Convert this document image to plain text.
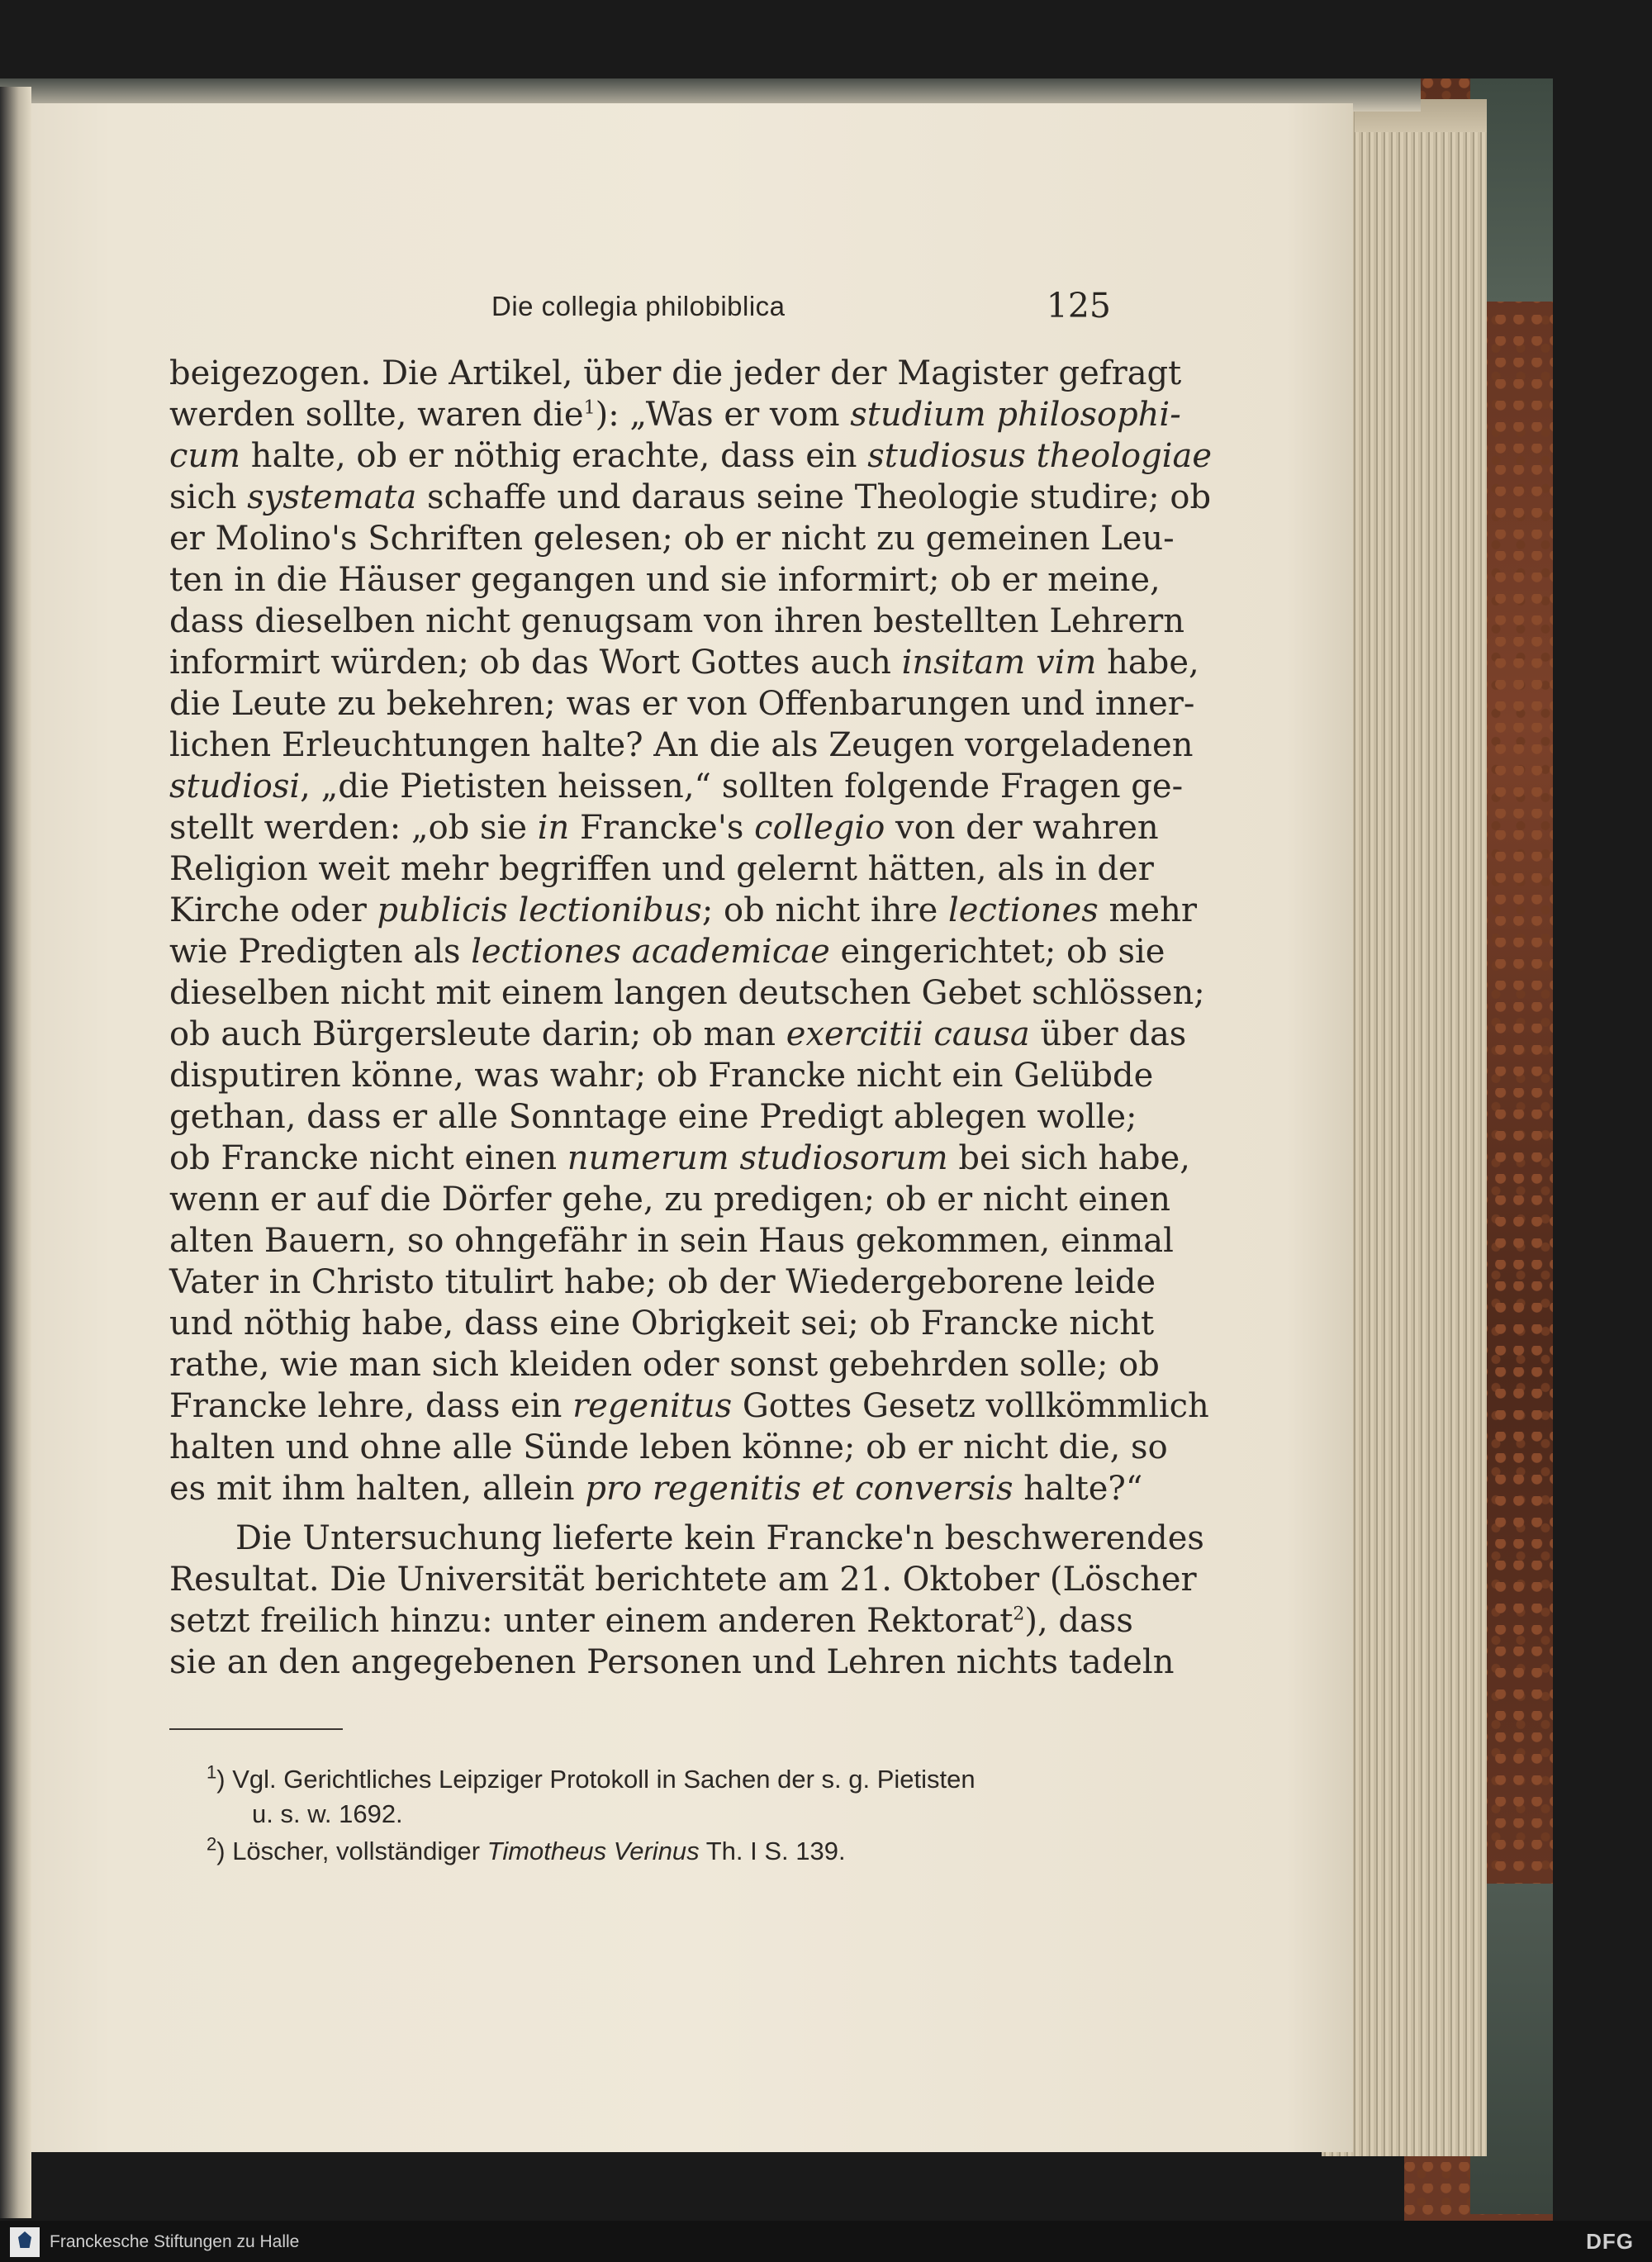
Die collegia philobiblica	125
beigezogen. Die Artikel, über die jeder der Magister gefragt
werden sollte, waren die$^1$): „Was er vom studium philosophi-
cum halte, ob er nöthig erachte, dass ein studiosus theologiae
sich systemata schaffe und daraus seine Theologie studire; ob
er Molino's Schriften gelesen; ob er nicht zu gemeinen Leu-
ten in die Häuser gegangen und sie informirt; ob er meine,
dass dieselben nicht genugsam von ihren bestellten Lehrern
informirt würden; ob das Wort Gottes auch insitam vim habe,
die Leute zu bekehren; was er von Offenbarungen und inner-
lichen Erleuchtungen halte? An die als Zeugen vorgeladenen
studiosi, „die Pietisten heissen,“ sollten folgende Fragen ge-
stellt werden: „ob sie in Francke's collegio von der wahren
Religion weit mehr begriffen und gelernt hätten, als in der
Kirche oder publicis lectionibus; ob nicht ihre lectiones mehr
wie Predigten als lectiones academicae eingerichtet; ob sie
dieselben nicht mit einem langen deutschen Gebet schlössen;
ob auch Bürgersleute darin; ob man exercitii causa über das
disputiren könne, was wahr; ob Francke nicht ein Gelübde
gethan, dass er alle Sonntage eine Predigt ablegen wolle;
ob Francke nicht einen numerum studiosorum bei sich habe,
wenn er auf die Dörfer gehe, zu predigen; ob er nicht einen
alten Bauern, so ohngefähr in sein Haus gekommen, einmal
Vater in Christo titulirt habe; ob der Wiedergeborene leide
und nöthig habe, dass eine Obrigkeit sei; ob Francke nicht
rathe, wie man sich kleiden oder sonst gebehrden solle; ob
Francke lehre, dass ein regenitus Gottes Gesetz vollkömmlich
halten und ohne alle Sünde leben könne; ob er nicht die, so
es mit ihm halten, allein pro regenitis et conversis halte?“
Die Untersuchung lieferte kein Francke'n beschwerendes
Resultat. Die Universität berichtete am 21. Oktober (Löscher
setzt freilich hinzu: unter einem anderen Rektorat$^2$), dass
sie an den angegebenen Personen und Lehren nichts tadeln
$^1$) Vgl. Gerichtliches Leipziger Protokoll in Sachen der s. g. Pietisten
u. s. w. 1692.
$^2$) Löscher, vollständiger Timotheus Verinus Th. I S. 139.
Franckesche Stiftungen zu Halle	DFG
